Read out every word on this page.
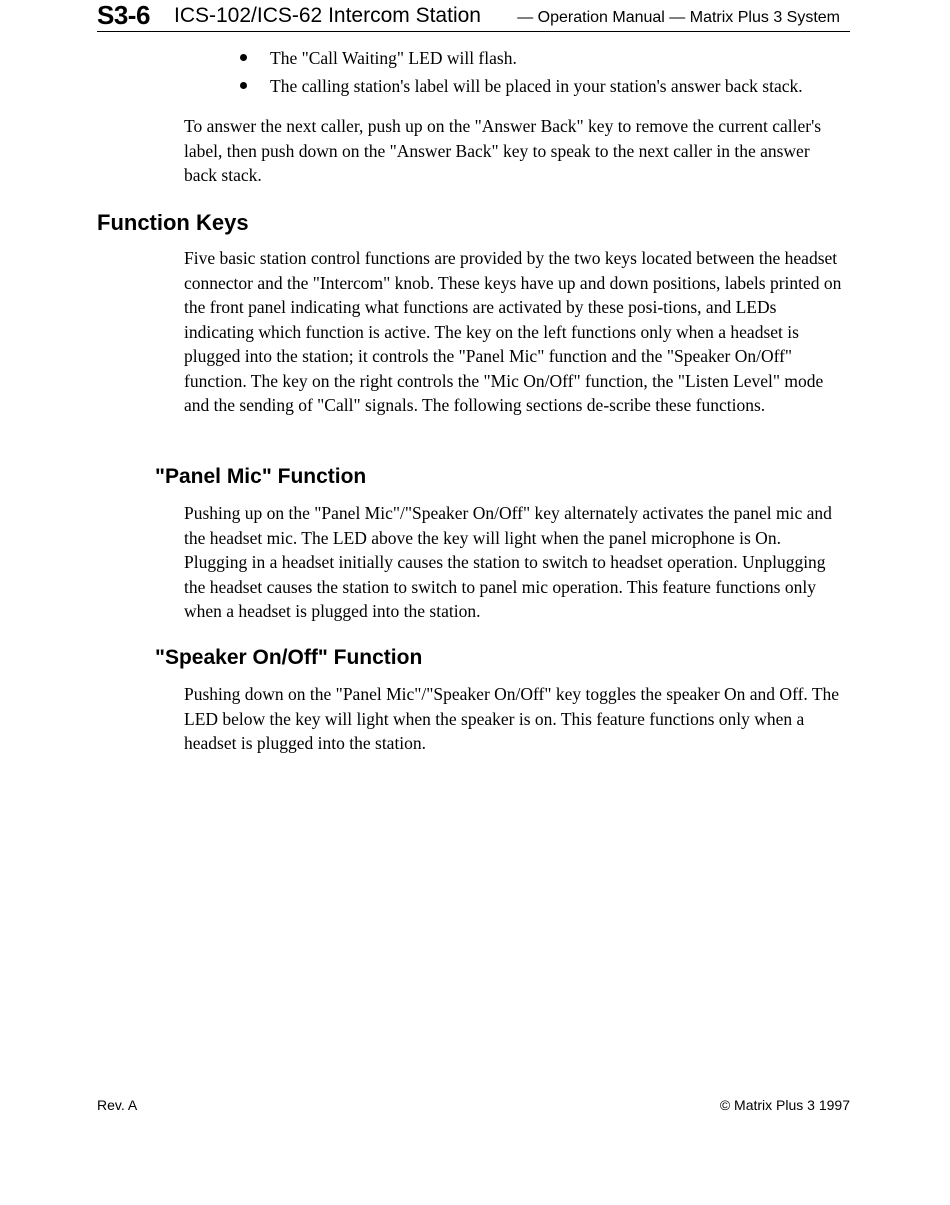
S3-6 ICS-102/ICS-62 Intercom Station — Operation Manual — Matrix Plus 3 System
The "Call Waiting" LED will flash.
The calling station's label will be placed in your station's answer back stack.

To answer the next caller, push up on the "Answer Back" key to remove the current caller's label, then push down on the "Answer Back" key to speak to the next caller in the answer back stack.

Function Keys

Five basic station control functions are provided by the two keys located between the headset connector and the "Intercom" knob. These keys have up and down positions, labels printed on the front panel indicating what functions are activated by these posi-tions, and LEDs indicating which function is active. The key on the left functions only when a headset is plugged into the station; it controls the "Panel Mic" function and the "Speaker On/Off" function. The key on the right controls the "Mic On/Off" function, the "Listen Level" mode and the sending of "Call" signals. The following sections de-scribe these functions.

"Panel Mic" Function

Pushing up on the "Panel Mic"/"Speaker On/Off" key alternately activates the panel mic and the headset mic. The LED above the key will light when the panel microphone is On. Plugging in a headset initially causes the station to switch to headset operation. Unplugging the headset causes the station to switch to panel mic operation. This feature functions only when a headset is plugged into the station.

"Speaker On/Off" Function

Pushing down on the "Panel Mic"/"Speaker On/Off" key toggles the speaker On and Off. The LED below the key will light when the speaker is on. This feature functions only when a headset is plugged into the station.

Rev. A	© Matrix Plus 3 1997
